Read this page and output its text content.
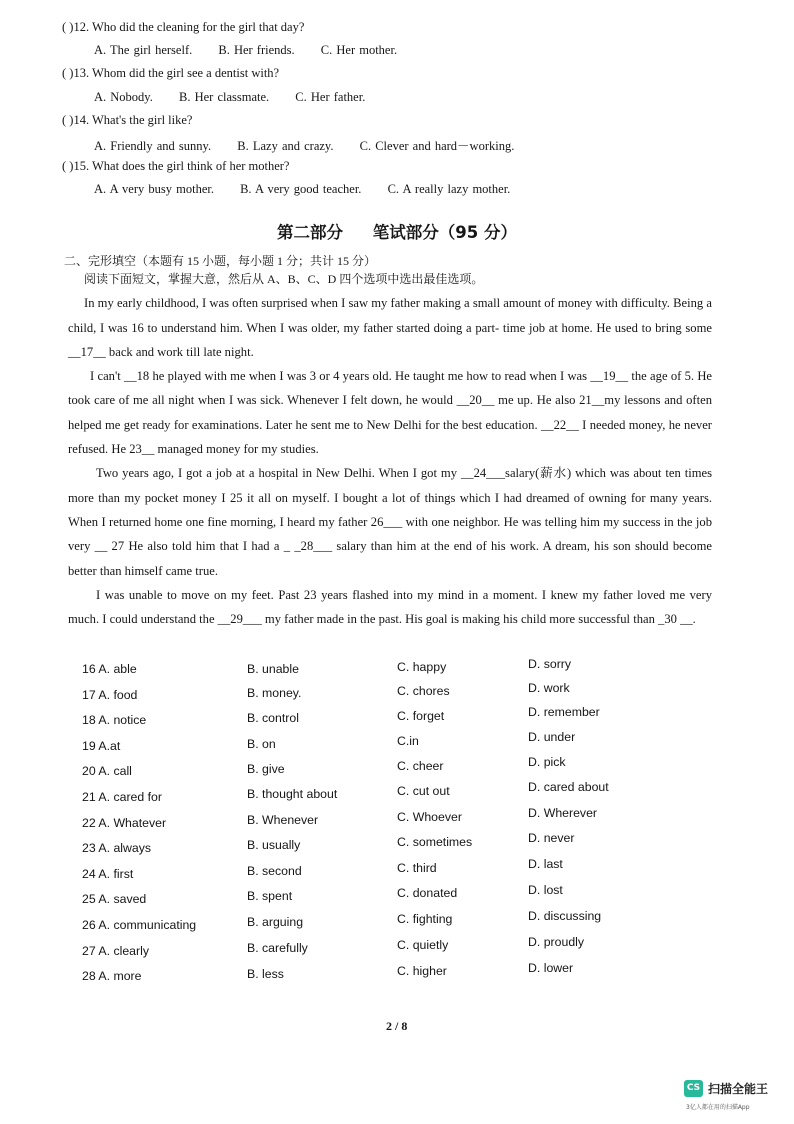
( )12. Who did the cleaning for the girl that day?
A. The girl herself. B. Her friends. C. Her mother.
( )13. Whom did the girl see a dentist with?
A. Nobody. B. Her classmate. C. Her father.
( )14. What's the girl like?
A. Friendly and sunny. B. Lazy and crazy. C. Clever and hard－working.
( )15. What does the girl think of her mother?
A. A very busy mother. B. A very good teacher. C. A really lazy mother.
第二部分 笔试部分（95 分）
二、完形填空（本题有 15 小题，每小题 1 分；共计 15 分）

阅读下面短文，掌握大意，然后从 A、B、C、D 四个选项中选出最佳选项。

In my early childhood, I was often surprised when I saw my father making a small amount of money with difficulty. Being a child, I was 16 to understand him. When I was older, my father started doing a part- time job at home. He used to bring some __17__ back and work till late night.

I can't __18 he played with me when I was 3 or 4 years old. He taught me how to read when I was __19__ the age of 5. He took care of me all night when I was sick. Whenever I felt down, he would __20__ me up. He also 21__my lessons and often helped me get ready for examinations. Later he sent me to New Delhi for the best education. __22__ I needed money, he never refused. He 23__ managed money for my studies.

Two years ago, I got a job at a hospital in New Delhi. When I got my __24___salary(薪水) which was about ten times more than my pocket money I 25 it all on myself. I bought a lot of things which I had dreamed of owning for many years. When I returned home one fine morning, I heard my father 26___ with one neighbor. He was telling him my success in the job very __ 27 He also told him that I had a _ _28___ salary than him at the end of his work. A dream, his son should become better than himself came true.

I was unable to move on my feet. Past 23 years flashed into my mind in a moment. I knew my father loved me very much. I could understand the __29___ my father made in the past. His goal is making his child more successful than _30 __.

16 A. able	B. unable	C. happy	D. sorry
17 A. food	B. money.	C. chores	D. work
18 A. notice	B. control	C. forget	D. remember
19 A.at	B. on	C.in	D. under
20 A. call	B. give	C. cheer	D. pick
21 A. cared for	B. thought about	C. cut out	D. cared about
22 A. Whatever	B. Whenever	C. Whoever	D. Wherever
23 A. always	B. usually	C. sometimes	D. never
24 A. first	B. second	C. third	D. last
25 A. saved	B. spent	C. donated	D. lost
26 A. communicating	B. arguing	C. fighting	D. discussing
27 A. clearly	B. carefully	C. quietly	D. proudly
28 A. more	B. less	C. higher	D. lower
2 / 8
CS 扫描全能王
3亿人都在用的扫描App
